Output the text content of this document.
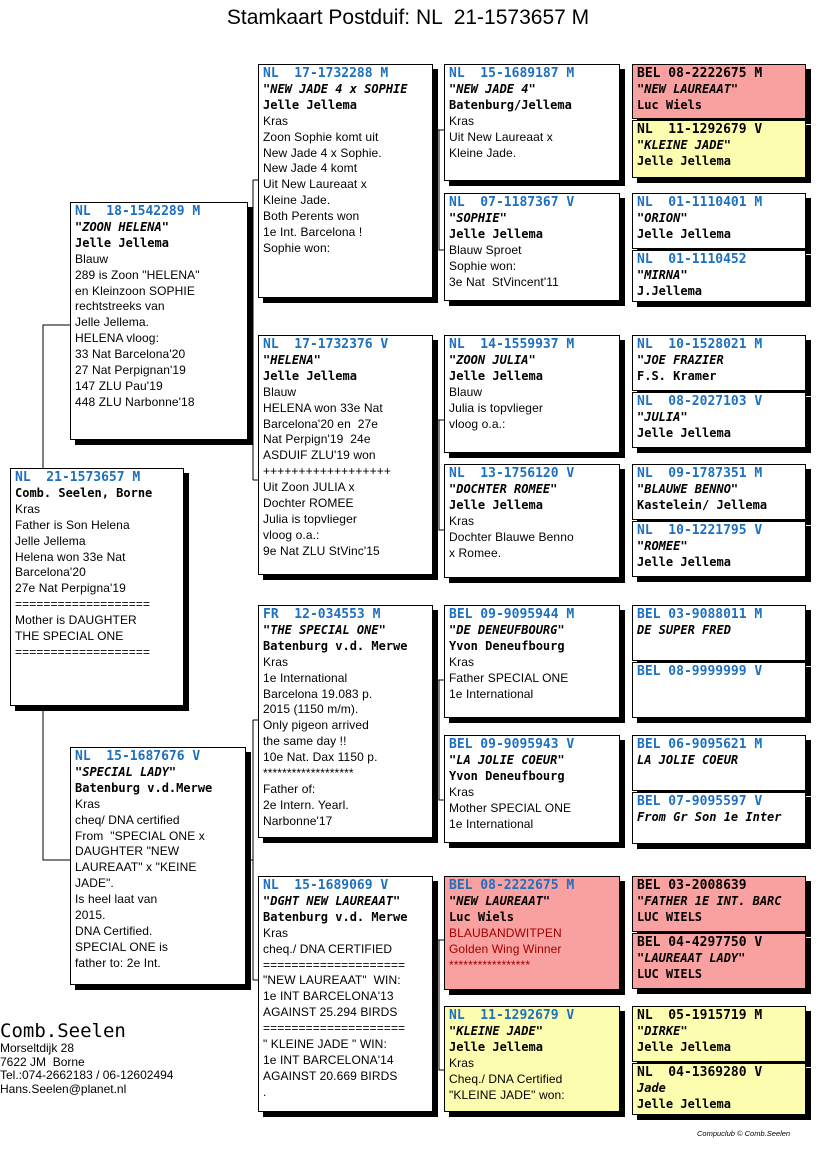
Stamkaart Postduif: NL  21-1573657 M
NL  21-1573657 M
Comb. Seelen, Borne
Kras
Father is Son Helena
Jelle Jellema
Helena won 33e Nat
Barcelona'20
27e Nat Perpigna'19
===================
Mother is DAUGHTER
THE SPECIAL ONE
===================
NL  18-1542289 M
"ZOON HELENA"
Jelle Jellema
Blauw
289 is Zoon "HELENA"
en Kleinzoon SOPHIE
rechtstreeks van
Jelle Jellema.
HELENA vloog:
33 Nat Barcelona'20
27 Nat Perpignan'19
147 ZLU Pau'19
448 ZLU Narbonne'18
NL  15-1687676 V
"SPECIAL LADY"
Batenburg v.d.Merwe
Kras
cheq/ DNA certified
From  "SPECIAL ONE x
DAUGHTER "NEW
LAUREAAT" x "KEINE
JADE".
Is heel laat van
2015.
DNA Certified.
SPECIAL ONE is
father to: 2e Int.
NL  17-1732288 M
"NEW JADE 4 x SOPHIE
Jelle Jellema
Kras
Zoon Sophie komt uit
New Jade 4 x Sophie.
New Jade 4 komt
Uit New Laureaat x
Kleine Jade.
Both Perents won
1e Int. Barcelona !
Sophie won:
NL  17-1732376 V
"HELENA"
Jelle Jellema
Blauw
HELENA won 33e Nat
Barcelona'20 en  27e
Nat Perpign'19  24e
ASDUIF ZLU'19 won
++++++++++++++++++
Uit Zoon JULIA x
Dochter ROMEE
Julia is topvlieger
vloog o.a.:
9e Nat ZLU StVinc'15
FR  12-034553 M
"THE SPECIAL ONE"
Batenburg v.d. Merwe
Kras
1e International
Barcelona 19.083 p.
2015 (1150 m/m).
Only pigeon arrived
the same day !!
10e Nat. Dax 1150 p.
*******************
Father of:
2e Intern. Yearl.
Narbonne'17
NL  15-1689069 V
"DGHT NEW LAUREAAT"
Batenburg v.d. Merwe
Kras
cheq./ DNA CERTIFIED
====================
"NEW LAUREAAT"  WIN:
1e INT BARCELONA'13
AGAINST 25.294 BIRDS
====================
" KLEINE JADE " WIN:
1e INT BARCELONA'14
AGAINST 20.669 BIRDS
.
NL  15-1689187 M
"NEW JADE 4"
Batenburg/Jellema
Kras
Uit New Laureaat x
Kleine Jade.
NL  07-1187367 V
"SOPHIE"
Jelle Jellema
Blauw Sproet
Sophie won:
3e Nat  StVincent'11
NL  14-1559937 M
"ZOON JULIA"
Jelle Jellema
Blauw
Julia is topvlieger
vloog o.a.:
NL  13-1756120 V
"DOCHTER ROMEE"
Jelle Jellema
Kras
Dochter Blauwe Benno
x Romee.
BEL 09-9095944 M
"DE DENEUFBOURG"
Yvon Deneufbourg
Kras
Father SPECIAL ONE
1e International
BEL 09-9095943 V
"LA JOLIE COEUR"
Yvon Deneufbourg
Kras
Mother SPECIAL ONE
1e International
BEL 08-2222675 M
"NEW LAUREAAT"
Luc Wiels
BLAUBANDWITPEN
Golden Wing Winner
*****************
NL  11-1292679 V
"KLEINE JADE"
Jelle Jellema
Kras
Cheq./ DNA Certified
"KLEINE JADE" won:
BEL 08-2222675 M
"NEW LAUREAAT"
Luc Wiels
NL  11-1292679 V
"KLEINE JADE"
Jelle Jellema
NL  01-1110401 M
"ORION"
Jelle Jellema
NL  01-1110452
"MIRNA"
J.Jellema
NL  10-1528021 M
"JOE FRAZIER
F.S. Kramer
NL  08-2027103 V
"JULIA"
Jelle Jellema
NL  09-1787351 M
"BLAUWE BENNO"
Kastelein/ Jellema
NL  10-1221795 V
"ROMEE"
Jelle Jellema
BEL 03-9088011 M
DE SUPER FRED
BEL 08-9999999 V
BEL 06-9095621 M
LA JOLIE COEUR
BEL 07-9095597 V
From Gr Son 1e Inter
BEL 03-2008639
"FATHER 1E INT. BARC
LUC WIELS
BEL 04-4297750 V
"LAUREAAT LADY"
LUC WIELS
NL  05-1915719 M
"DIRKE"
Jelle Jellema
NL  04-1369280 V
Jade
Jelle Jellema
Comb.Seelen
Morseltdijk 28
7622 JM  Borne
Tel.:074-2662183 / 06-12602494
Hans.Seelen@planet.nl
Compuclub © Comb.Seelen
